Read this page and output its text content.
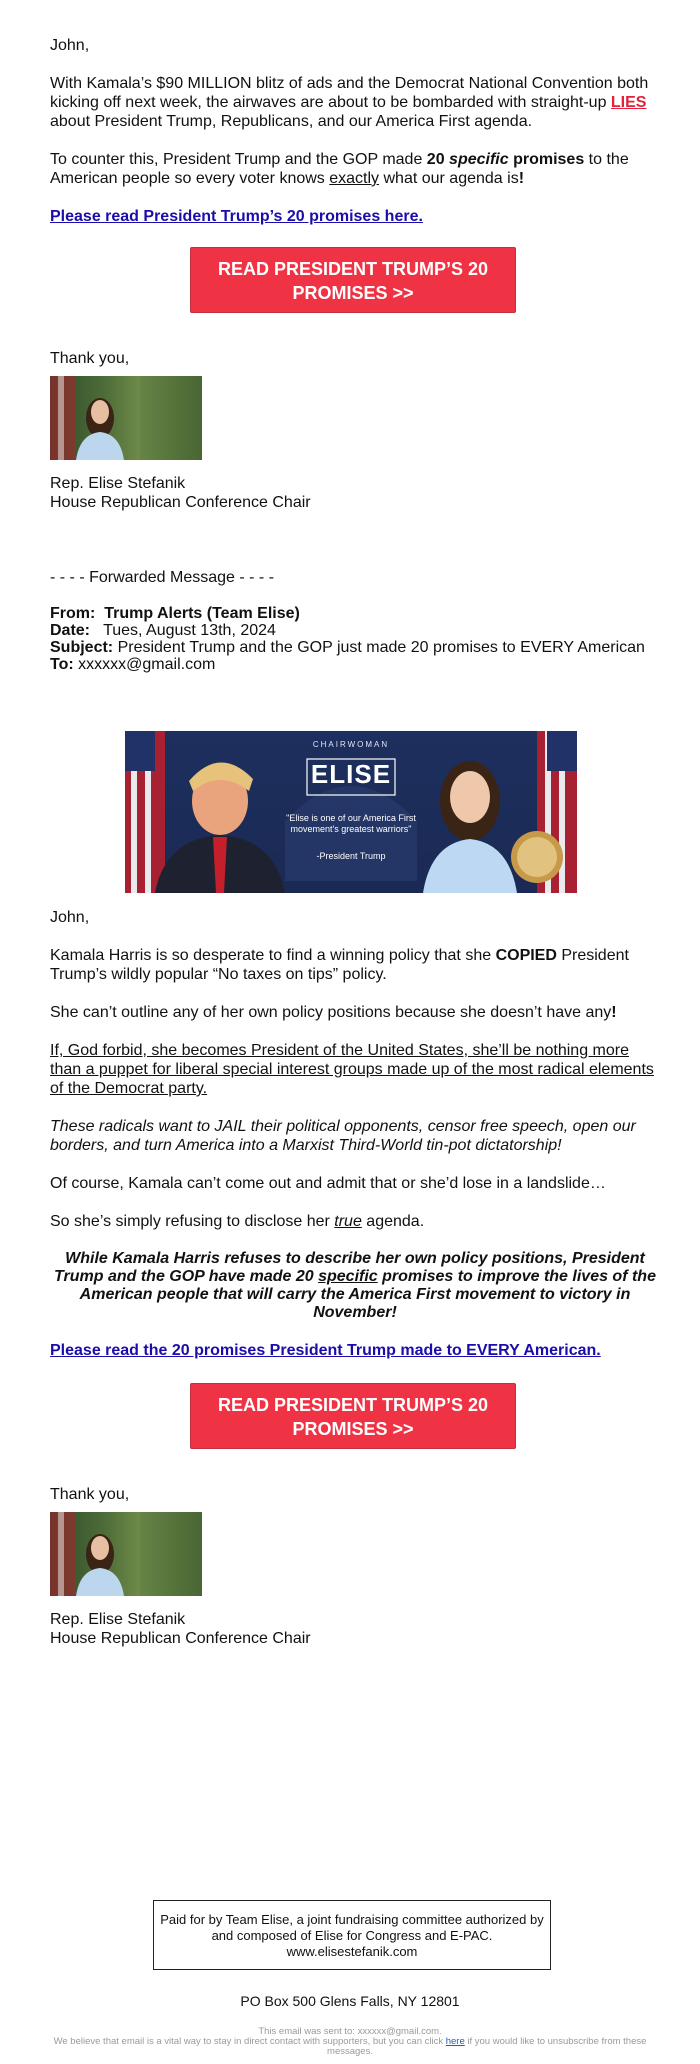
John,

With Kamala’s $90 MILLION blitz of ads and the Democrat National Convention both kicking off next week, the airwaves are about to be bombarded with straight-up LIES about President Trump, Republicans, and our America First agenda.

To counter this, President Trump and the GOP made 20 specific promises to the American people so every voter knows exactly what our agenda is!

Please read President Trump’s 20 promises here.

READ PRESIDENT TRUMP’S 20 PROMISES >>

Thank you,

Rep. Elise Stefanik
House Republican Conference Chair
- - - - Forwarded Message - - - -
From: Trump Alerts (Team Elise)
Date: Tues, August 13th, 2024
Subject: President Trump and the GOP just made 20 promises to EVERY American
To: xxxxxx@gmail.com
CHAIRWOMAN
ELISE
"Elise is one of our America First movement's greatest warriors"
-President Trump

John,

Kamala Harris is so desperate to find a winning policy that she COPIED President Trump’s wildly popular “No taxes on tips” policy.

She can’t outline any of her own policy positions because she doesn’t have any!

If, God forbid, she becomes President of the United States, she’ll be nothing more than a puppet for liberal special interest groups made up of the most radical elements of the Democrat party.

These radicals want to JAIL their political opponents, censor free speech, open our borders, and turn America into a Marxist Third-World tin-pot dictatorship!

Of course, Kamala can’t come out and admit that or she’d lose in a landslide…

So she’s simply refusing to disclose her true agenda.

While Kamala Harris refuses to describe her own policy positions, President Trump and the GOP have made 20 specific promises to improve the lives of the American people that will carry the America First movement to victory in November!

Please read the 20 promises President Trump made to EVERY American.

READ PRESIDENT TRUMP’S 20 PROMISES >>

Thank you,

Rep. Elise Stefanik
House Republican Conference Chair
Paid for by Team Elise, a joint fundraising committee authorized by and composed of Elise for Congress and E-PAC. www.elisestefanik.com
PO Box 500 Glens Falls, NY 12801
This email was sent to: xxxxxx@gmail.com.
We believe that email is a vital way to stay in direct contact with supporters, but you can click here if you would like to unsubscribe from these messages.
